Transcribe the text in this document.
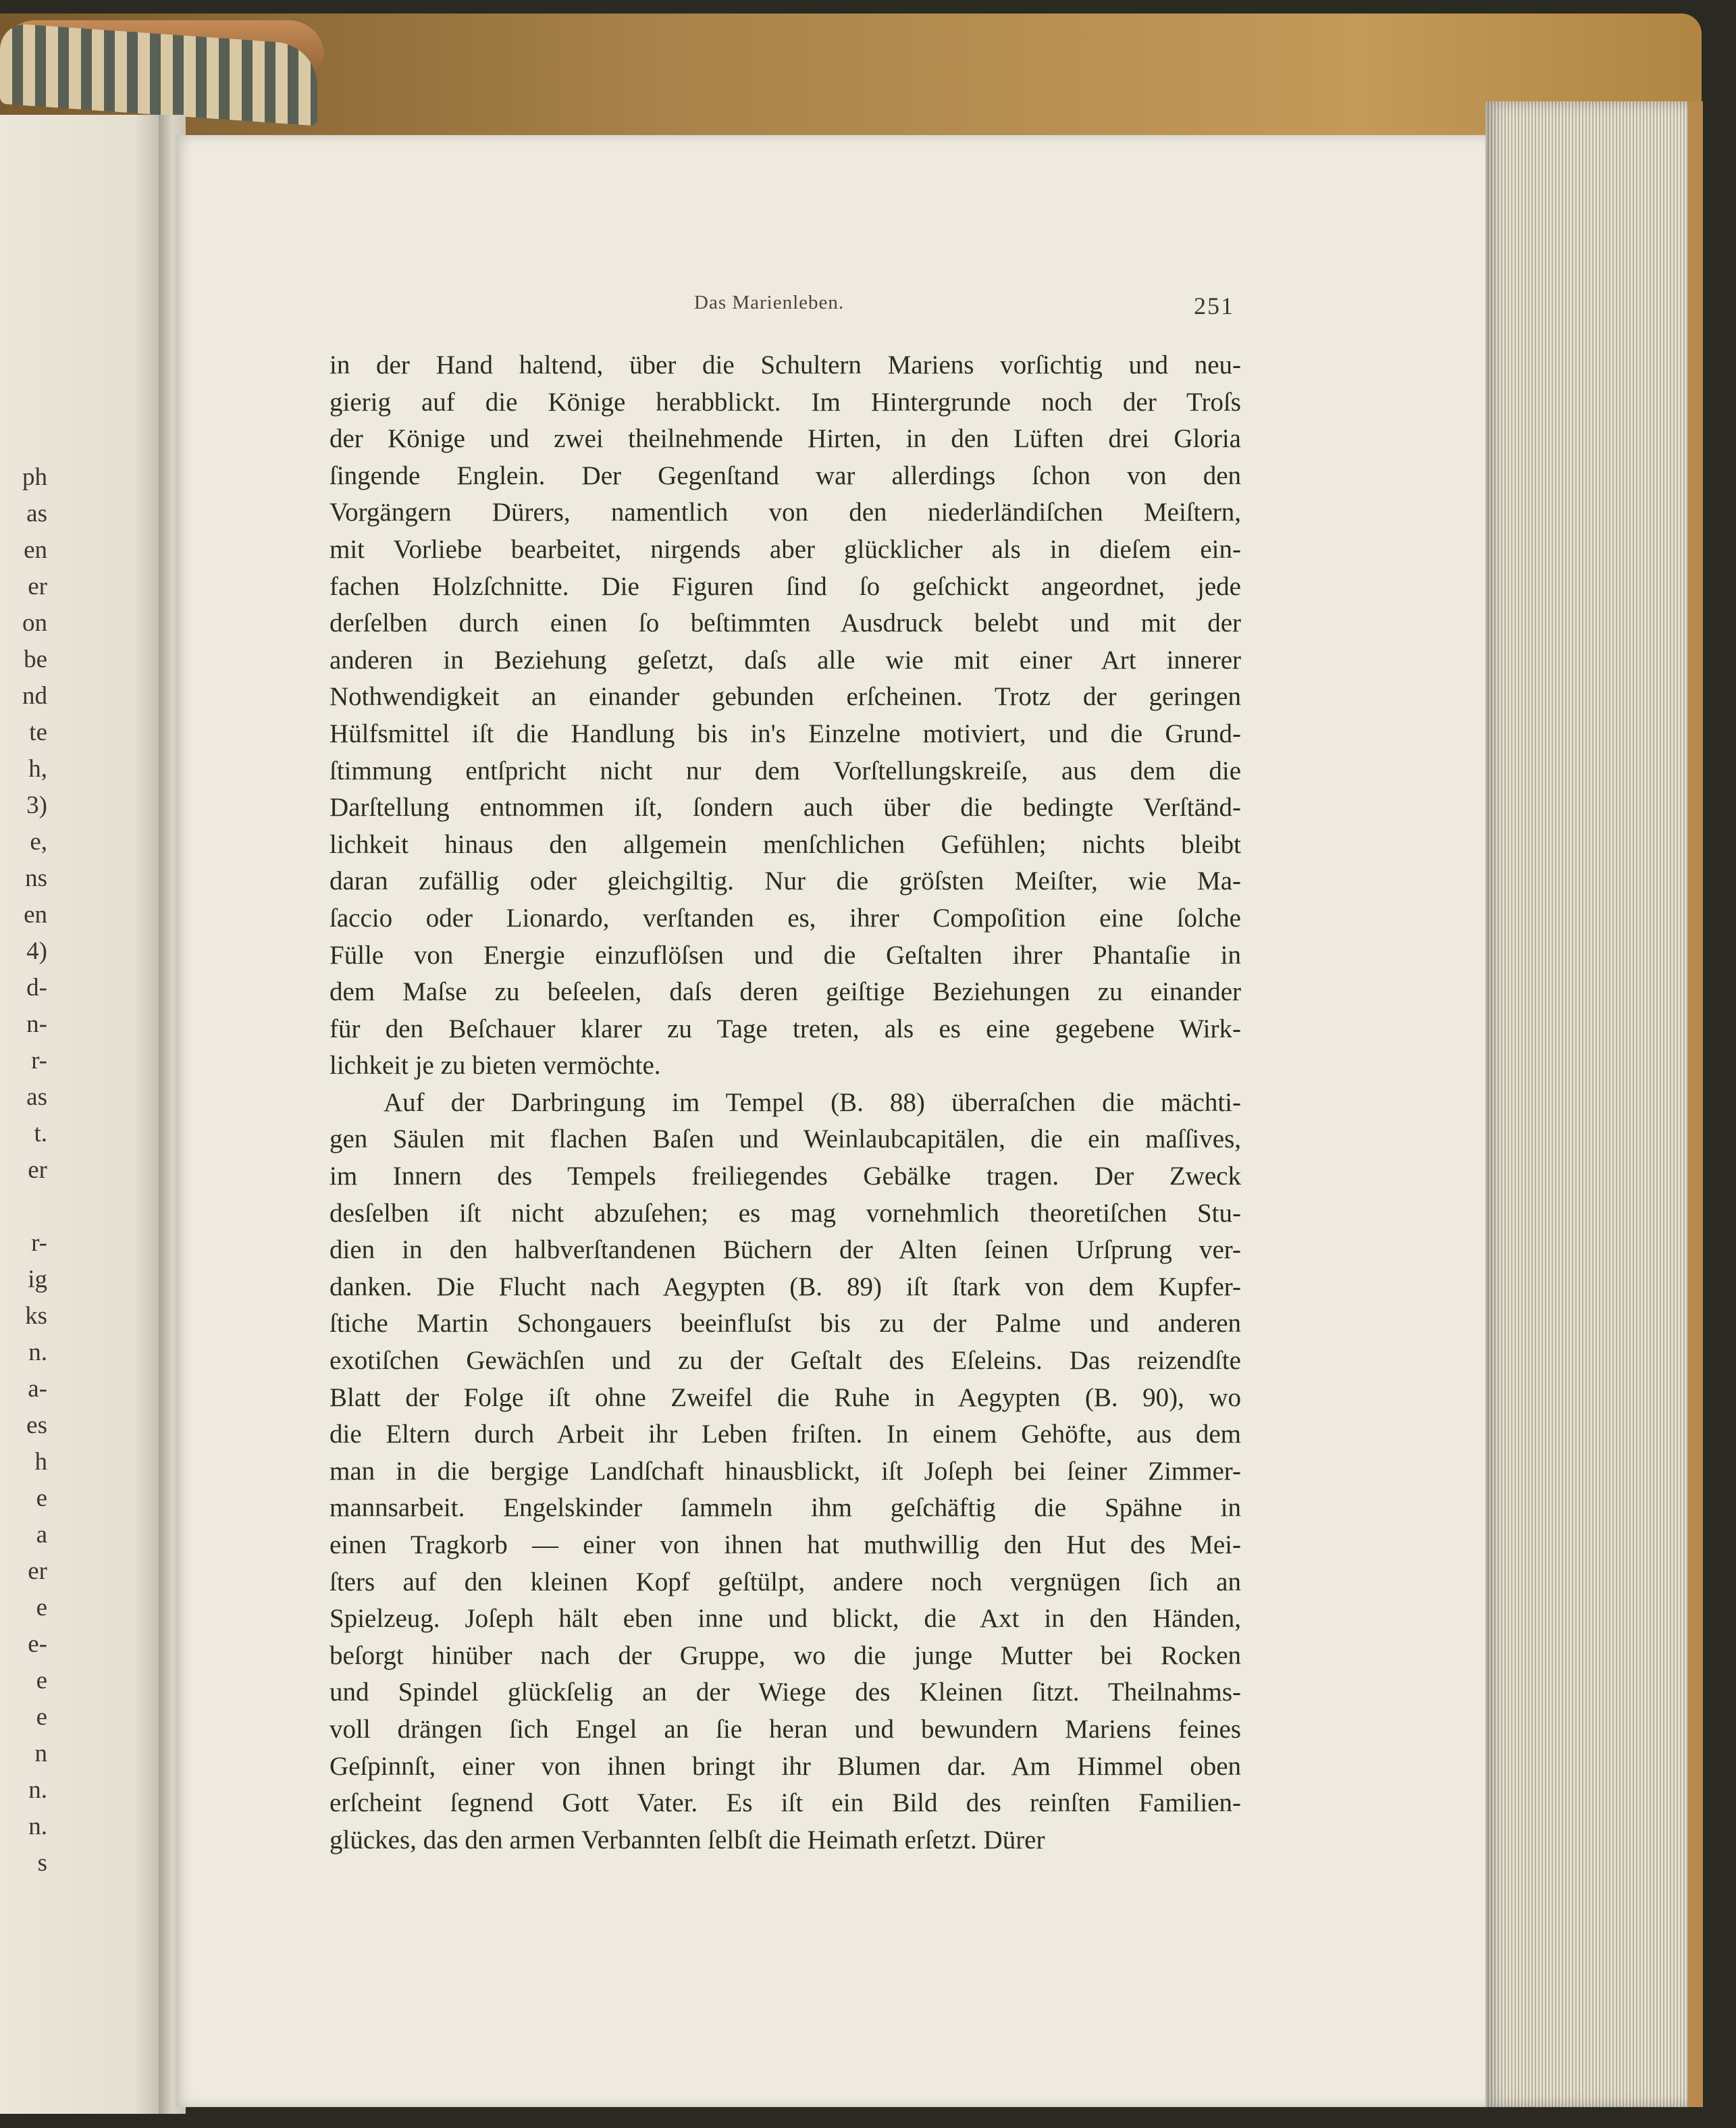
ph
as
en
er
on
be
nd
te
h,
3)
e,
ns
en
4)
d-
n-
r-
as
t.
er
r-
ig
ks
n.
a-
es
h
e
a
er
e
e-
e
e
n
n.
n.
s
Das Marienleben.	251
in der Hand haltend, über die Schultern Mariens vorſichtig und neu-
gierig auf die Könige herabblickt. Im Hintergrunde noch der Troſs
der Könige und zwei theilnehmende Hirten, in den Lüften drei Gloria
ſingende Englein. Der Gegenſtand war allerdings ſchon von den
Vorgängern Dürers, namentlich von den niederländiſchen Meiſtern,
mit Vorliebe bearbeitet, nirgends aber glücklicher als in dieſem ein-
fachen Holzſchnitte. Die Figuren ſind ſo geſchickt angeordnet, jede
derſelben durch einen ſo beſtimmten Ausdruck belebt und mit der
anderen in Beziehung geſetzt, daſs alle wie mit einer Art innerer
Nothwendigkeit an einander gebunden erſcheinen. Trotz der geringen
Hülfsmittel iſt die Handlung bis in's Einzelne motiviert, und die Grund-
ſtimmung entſpricht nicht nur dem Vorſtellungskreiſe, aus dem die
Darſtellung entnommen iſt, ſondern auch über die bedingte Verſtänd-
lichkeit hinaus den allgemein menſchlichen Gefühlen; nichts bleibt
daran zufällig oder gleichgiltig. Nur die gröſsten Meiſter, wie Ma-
ſaccio oder Lionardo, verſtanden es, ihrer Compoſition eine ſolche
Fülle von Energie einzuflöſsen und die Geſtalten ihrer Phantaſie in
dem Maſse zu beſeelen, daſs deren geiſtige Beziehungen zu einander
für den Beſchauer klarer zu Tage treten, als es eine gegebene Wirk-
lichkeit je zu bieten vermöchte.
Auf der Darbringung im Tempel (B. 88) überraſchen die mächti-
gen Säulen mit flachen Baſen und Weinlaubcapitälen, die ein maſſives,
im Innern des Tempels freiliegendes Gebälke tragen. Der Zweck
desſelben iſt nicht abzuſehen; es mag vornehmlich theoretiſchen Stu-
dien in den halbverſtandenen Büchern der Alten ſeinen Urſprung ver-
danken. Die Flucht nach Aegypten (B. 89) iſt ſtark von dem Kupfer-
ſtiche Martin Schongauers beeinfluſst bis zu der Palme und anderen
exotiſchen Gewächſen und zu der Geſtalt des Eſeleins. Das reizendſte
Blatt der Folge iſt ohne Zweifel die Ruhe in Aegypten (B. 90), wo
die Eltern durch Arbeit ihr Leben friſten. In einem Gehöfte, aus dem
man in die bergige Landſchaft hinausblickt, iſt Joſeph bei ſeiner Zimmer-
mannsarbeit. Engelskinder ſammeln ihm geſchäftig die Spähne in
einen Tragkorb — einer von ihnen hat muthwillig den Hut des Mei-
ſters auf den kleinen Kopf geſtülpt, andere noch vergnügen ſich an
Spielzeug. Joſeph hält eben inne und blickt, die Axt in den Händen,
beſorgt hinüber nach der Gruppe, wo die junge Mutter bei Rocken
und Spindel glückſelig an der Wiege des Kleinen ſitzt. Theilnahms-
voll drängen ſich Engel an ſie heran und bewundern Mariens feines
Geſpinnſt, einer von ihnen bringt ihr Blumen dar. Am Himmel oben
erſcheint ſegnend Gott Vater. Es iſt ein Bild des reinſten Familien-
glückes, das den armen Verbannten ſelbſt die Heimath erſetzt. Dürer
